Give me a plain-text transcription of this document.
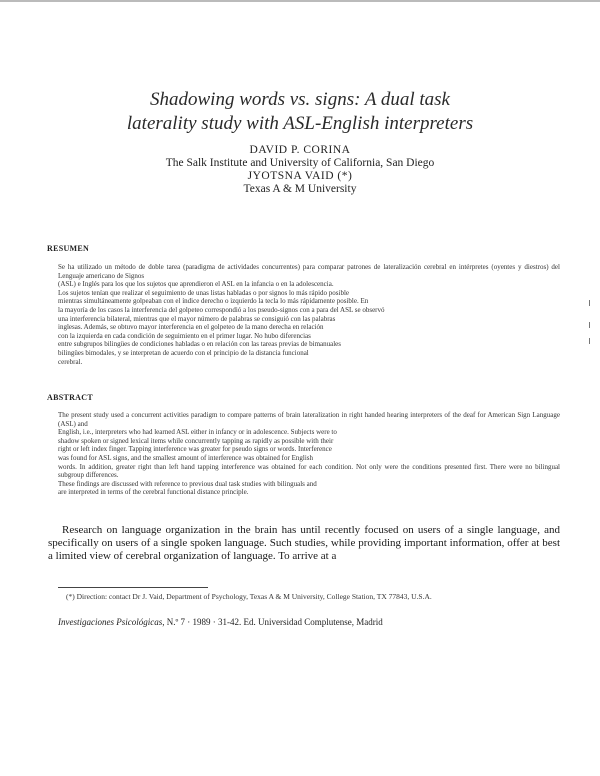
Shadowing words vs. signs: A dual task
laterality study with ASL-English interpreters
DAVID P. CORINA
The Salk Institute and University of California, San Diego
JYOTSNA VAID (*)
Texas A & M University
RESUMEN

Se ha utilizado un método de doble tarea (paradigma de actividades concurrentes) para comparar patrones de lateralización cerebral en intérpretes (oyentes y diestros) del Lenguaje americano de Signos

(ASL) e Inglés para los que los sujetos que aprendieron el ASL en la infancia o en la adolescencia.

Los sujetos tenían que realizar el seguimiento de unas listas habladas o por signos lo más rápido posible

mientras simultáneamente golpeaban con el índice derecho o izquierdo la tecla lo más rápidamente posible. En

la mayoría de los casos la interferencia del golpeteo correspondió a los pseudo-signos con a para del ASL se observó

una interferencia bilateral, mientras que el mayor número de palabras se consiguió con las palabras

inglesas. Además, se obtuvo mayor interferencia en el golpeteo de la mano derecha en relación

con la izquierda en cada condición de seguimiento en el primer lugar. No hubo diferencias

entre subgrupos bilingües de condiciones habladas o en relación con las tareas previas de bimanuales

bilingües bimodales, y se interpretan de acuerdo con el principio de la distancia funcional

cerebral.

ABSTRACT

The present study used a concurrent activities paradigm to compare patterns of brain lateralization in right handed hearing interpreters of the deaf for American Sign Language (ASL) and

English, i.e., interpreters who had learned ASL either in infancy or in adolescence. Subjects were to

shadow spoken or signed lexical items while concurrently tapping as rapidly as possible with their

right or left index finger. Tapping interference was greater for pseudo signs or words. Interference

was found for ASL signs, and the smallest amount of interference was obtained for English

words. In addition, greater right than left hand tapping interference was obtained for each condition. Not only were the conditions presented first. There were no bilingual subgroup differences.

These findings are discussed with reference to previous dual task studies with bilinguals and

are interpreted in terms of the cerebral functional distance principle.

Research on language organization in the brain has until recently focused on users of a single language, and specifically on users of a single spoken language. Such studies, while providing important information, offer at best a limited view of cerebral organization of language. To arrive at a

(*) Direction: contact Dr J. Vaid, Department of Psychology, Texas A & M University, College Station, TX 77843, U.S.A.

Investigaciones Psicológicas, N.º 7 · 1989 · 31-42. Ed. Universidad Complutense, Madrid
